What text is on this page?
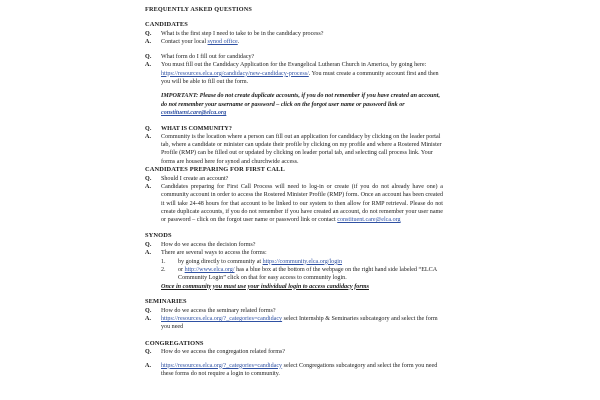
FREQUENTLY ASKED QUESTIONS
CANDIDATES
Q.	What is the first step I need to take to be in the candidacy process?
A.	Contact your local synod office.
Q.	What form do I fill out for candidacy?
A.	You must fill out the Candidacy Application for the Evangelical Lutheran Church in America, by going here: https://resources.elca.org/candidacy/new-candidacy-process/. You must create a community account first and then you will be able to fill out the form.
IMPORTANT: Please do not create duplicate accounts, if you do not remember if you have created an account, do not remember your username or password – click on the forgot user name or password link or constituent.care@elca.org
Q.	WHAT IS COMMUNITY?
A.	Community is the location where a person can fill out an application for candidacy by clicking on the leader portal tab, where a candidate or minister can update their profile by clicking on my profile and where a Rostered Minister Profile (RMP) can be filled out or updated by clicking on leader portal tab, and selecting call process link. Your forms are housed here for synod and churchwide access.
CANDIDATES PREPARING FOR FIRST CALL
Q.	Should I create an account?
A.	Candidates preparing for First Call Process will need to log-in or create (if you do not already have one) a community account in order to access the Rostered Minister Profile (RMP) form. Once an account has been created it will take 24-48 hours for that account to be linked to our system to then allow for RMP retrieval. Please do not create duplicate accounts, if you do not remember if you have created an account, do not remember your user name or password – click on the forgot user name or password link or contact constituent.care@elca.org
SYNODS
Q.	How do we access the decision forms?
A.	There are several ways to access the forms:
1.	by going directly to community at https://community.elca.org/login
2.	or http://www.elca.org/ has a blue box at the bottom of the webpage on the right hand side labeled “ELCA Community Login” click on that for easy access to community login.
Once in community you must use your individual login to access candidacy forms
SEMINARIES
Q.	How do we access the seminary related forms?
A.	https://resources.elca.org/?_categories=candidacy select Internship & Seminaries subcategory and select the form you need
CONGREGATIONS
Q.	How do we access the congregation related forms?
A.	https://resources.elca.org/?_categories=candidacy select Congregations subcategory and select the form you need these forms do not require a login to community.
